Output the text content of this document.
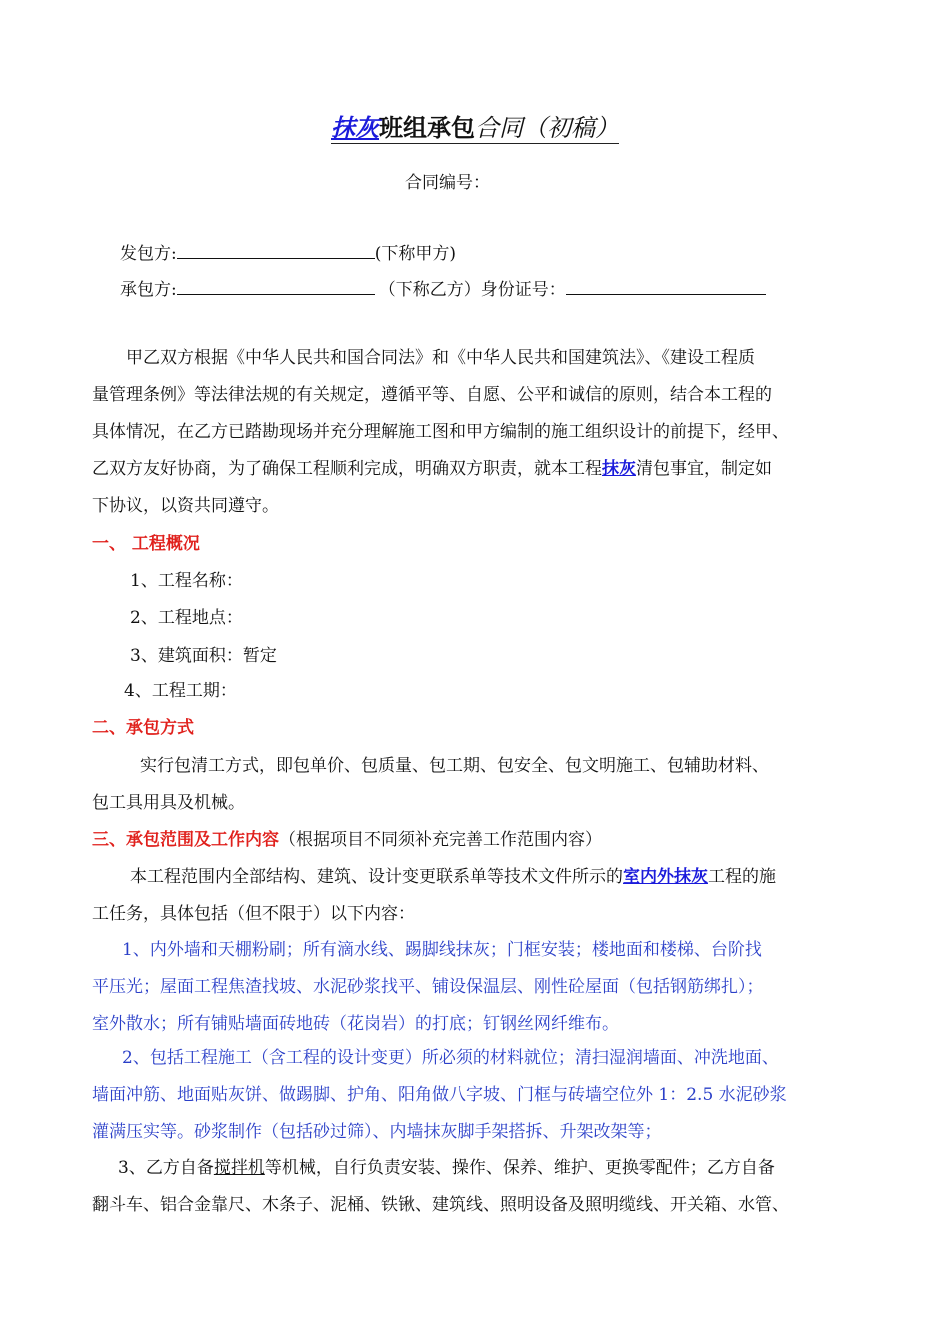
抹灰班组承包合同（初稿）
合同编号：
发包方:	(下称甲方)
承包方:	（下称乙方）身份证号：
甲乙双方根据《中华人民共和国合同法》和《中华人民共和国建筑法》、《建设工程质
量管理条例》等法律法规的有关规定，遵循平等、自愿、公平和诚信的原则，结合本工程的
具体情况，在乙方已踏勘现场并充分理解施工图和甲方编制的施工组织设计的前提下，经甲、
乙双方友好协商，为了确保工程顺利完成，明确双方职责，就本工程抹灰清包事宜，制定如
下协议，以资共同遵守。
一、 工程概况
1、工程名称：
2、工程地点：
3、建筑面积：暂定
4、工程工期：
二、承包方式
实行包清工方式，即包单价、包质量、包工期、包安全、包文明施工、包辅助材料、
包工具用具及机械。
三、承包范围及工作内容（根据项目不同须补充完善工作范围内容）
本工程范围内全部结构、建筑、设计变更联系单等技术文件所示的室内外抹灰工程的施
工任务，具体包括（但不限于）以下内容：
1、内外墙和天棚粉刷；所有滴水线、踢脚线抹灰；门框安装；楼地面和楼梯、台阶找
平压光；屋面工程焦渣找坡、水泥砂浆找平、铺设保温层、刚性砼屋面（包括钢筋绑扎）；
室外散水；所有铺贴墙面砖地砖（花岗岩）的打底；钉钢丝网纤维布。
2、包括工程施工（含工程的设计变更）所必须的材料就位；清扫湿润墙面、冲洗地面、
墙面冲筋、地面贴灰饼、做踢脚、护角、阳角做八字坡、门框与砖墙空位外 1：2.5 水泥砂浆
灌满压实等。砂浆制作（包括砂过筛）、内墙抹灰脚手架搭拆、升架改架等；
3、乙方自备搅拌机等机械，自行负责安装、操作、保养、维护、更换零配件；乙方自备
翻斗车、铝合金靠尺、木条子、泥桶、铁锹、建筑线、照明设备及照明缆线、开关箱、水管、
